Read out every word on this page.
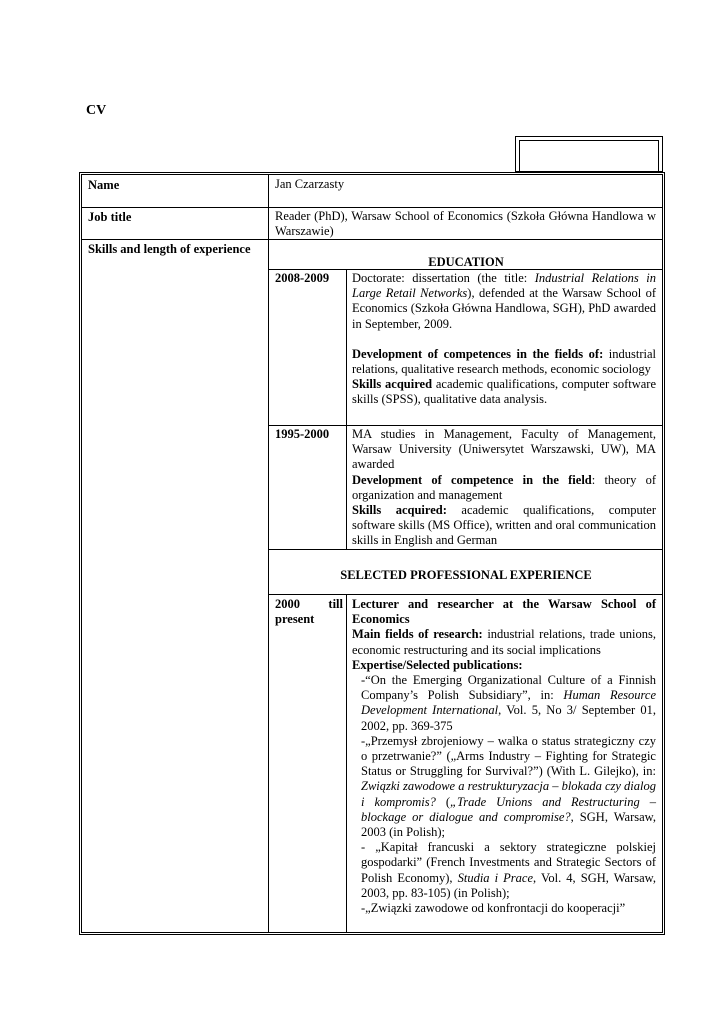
CV
Name	Jan Czarzasty
Job title	Reader (PhD), Warsaw School of Economics (Szkoła Główna Handlowa w Warszawie)
Skills and length of experience
EDUCATION
2008-2009 Doctorate: dissertation (the title: Industrial Relations in Large Retail Networks), defended at the Warsaw School of Economics (Szkoła Główna Handlowa, SGH), PhD awarded in September, 2009.

Development of competences in the fields of: industrial relations, qualitative research methods, economic sociology

Skills acquired academic qualifications, computer software skills (SPSS), qualitative data analysis.

1995-2000 MA studies in Management, Faculty of Management, Warsaw University (Uniwersytet Warszawski, UW), MA awarded

Development of competence in the field: theory of organization and management

Skills acquired: academic qualifications, computer software skills (MS Office), written and oral communication skills in English and German

SELECTED PROFESSIONAL EXPERIENCE
2000 till present

Lecturer and researcher at the Warsaw School of Economics

Main fields of research: industrial relations, trade unions, economic restructuring and its social implications

Expertise/Selected publications:

-“On the Emerging Organizational Culture of a Finnish Company’s Polish Subsidiary”, in: Human Resource Development International, Vol. 5, No 3/ September 01, 2002, pp. 369-375

-„Przemysł zbrojeniowy – walka o status strategiczny czy o przetrwanie?” („Arms Industry – Fighting for Strategic Status or Struggling for Survival?”) (With L. Gilejko), in: Związki zawodowe a restrukturyzacja – blokada czy dialog i kompromis? („Trade Unions and Restructuring – blockage or dialogue and compromise?, SGH, Warsaw, 2003 (in Polish);

- „Kapitał francuski a sektory strategiczne polskiej gospodarki” (French Investments and Strategic Sectors of Polish Economy), Studia i Prace, Vol. 4, SGH, Warsaw, 2003, pp. 83-105) (in Polish);

-„Związki zawodowe od konfrontacji do kooperacji”
